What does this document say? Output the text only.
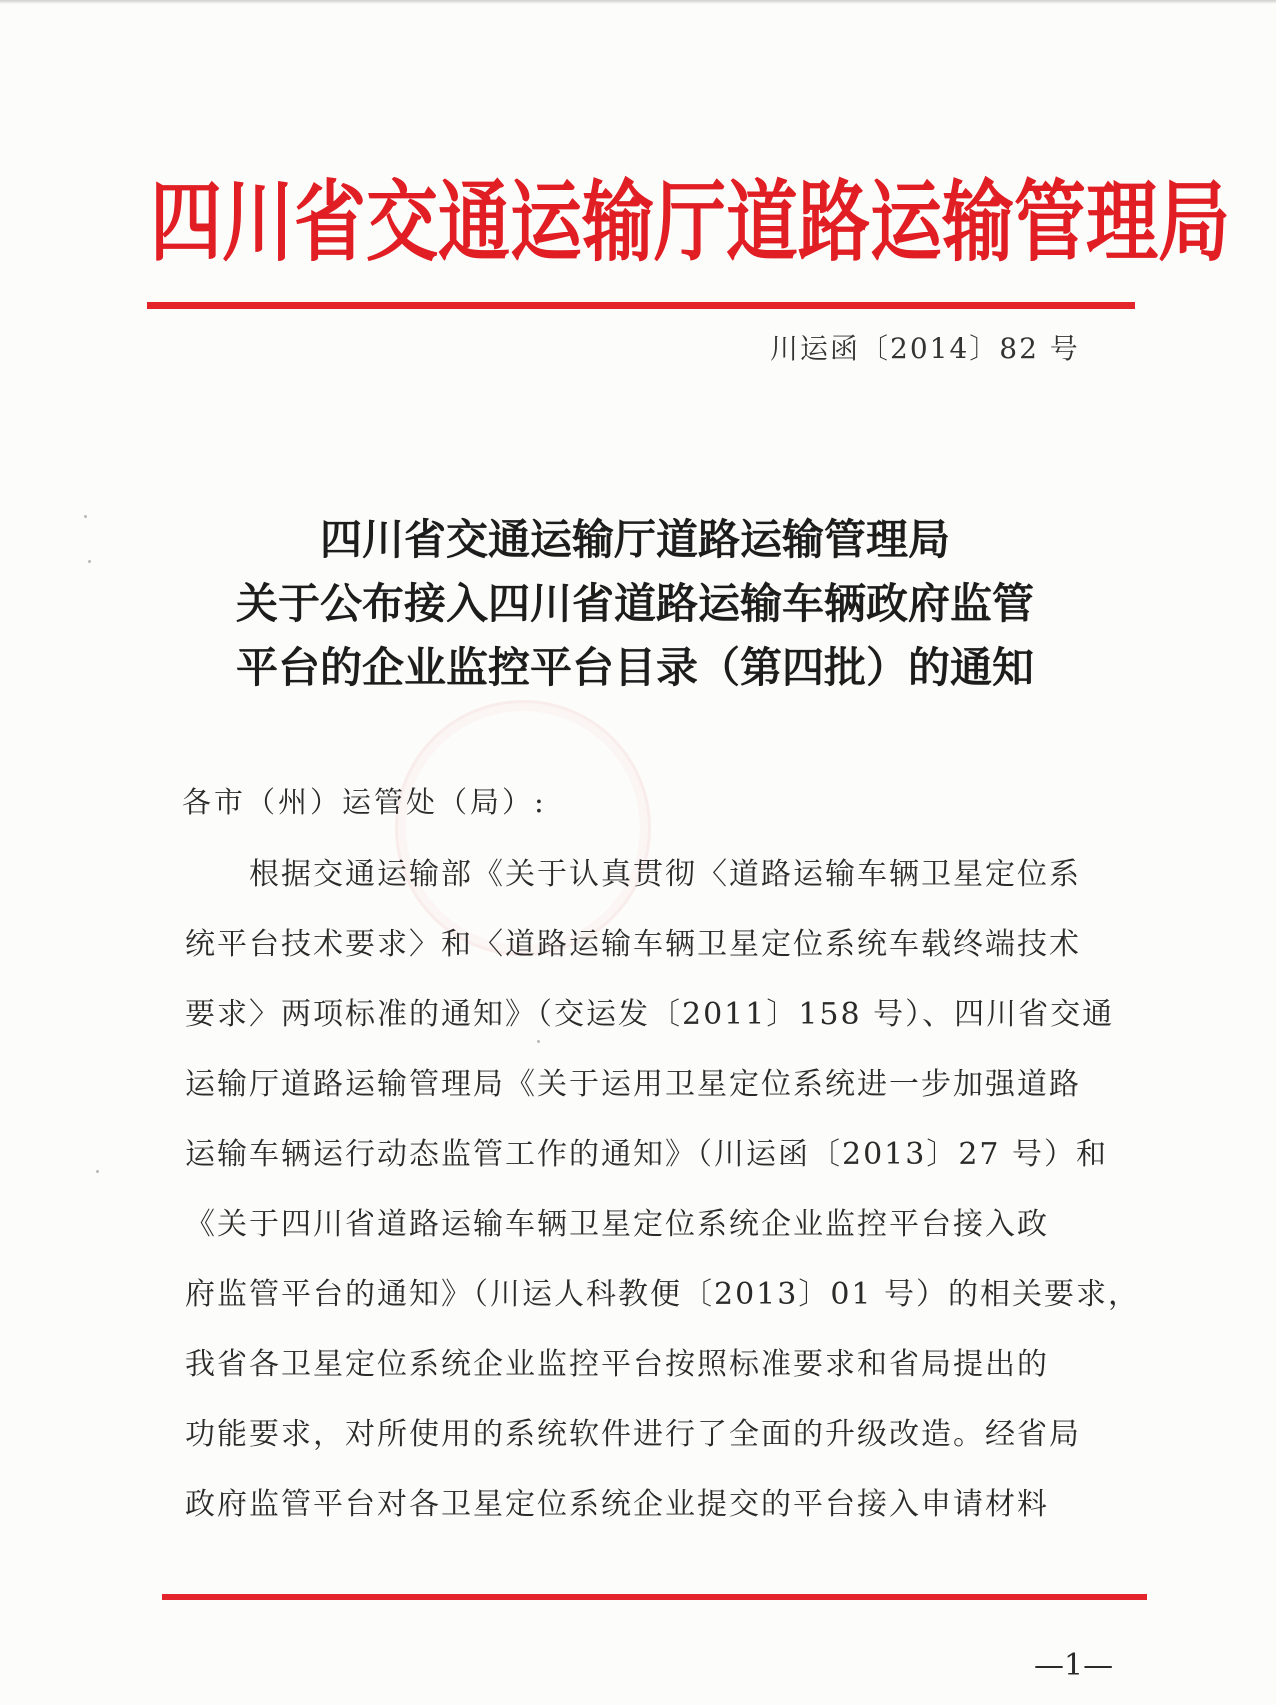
四川省交通运输厅道路运输管理局
川运函〔2014〕82 号
四川省交通运输厅道路运输管理局
关于公布接入四川省道路运输车辆政府监管
平台的企业监控平台目录（第四批）的通知
各市（州）运管处（局）:
根据交通运输部《关于认真贯彻〈道路运输车辆卫星定位系
统平台技术要求〉和〈道路运输车辆卫星定位系统车载终端技术
要求〉两项标准的通知》（交运发〔2011〕158 号）、四川省交通
运输厅道路运输管理局《关于运用卫星定位系统进一步加强道路
运输车辆运行动态监管工作的通知》（川运函〔2013〕27 号）和
《关于四川省道路运输车辆卫星定位系统企业监控平台接入政
府监管平台的通知》（川运人科教便〔2013〕01 号）的相关要求，
我省各卫星定位系统企业监控平台按照标准要求和省局提出的
功能要求，对所使用的系统软件进行了全面的升级改造。经省局
政府监管平台对各卫星定位系统企业提交的平台接入申请材料
—1—
